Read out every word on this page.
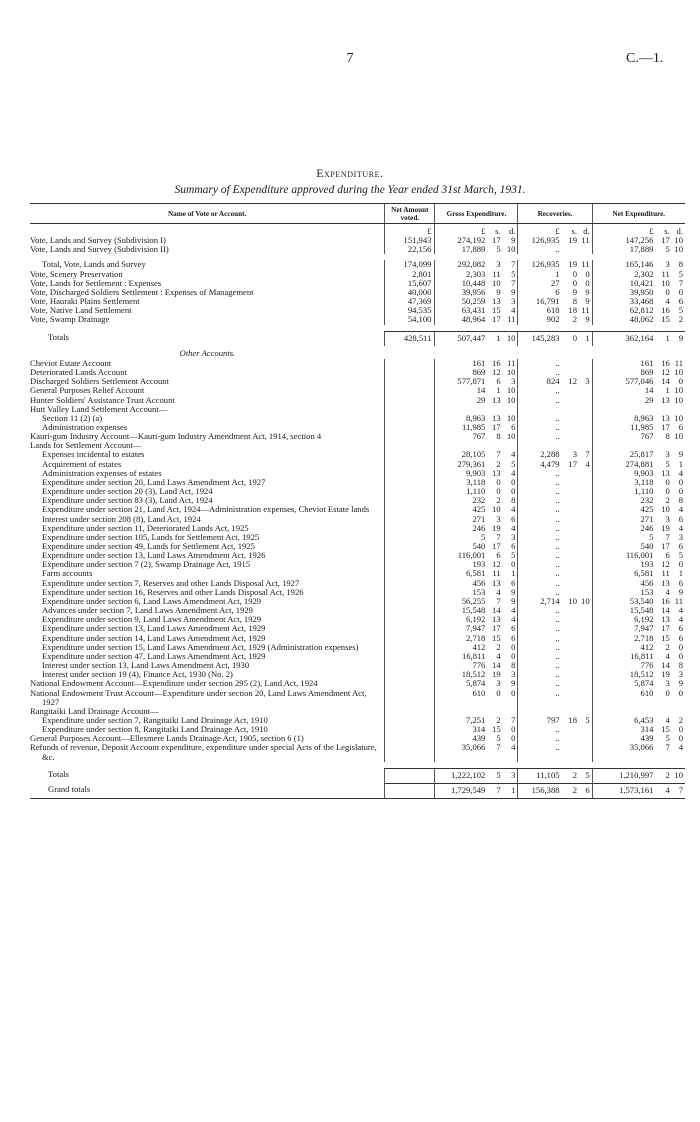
7	C.—1.
Expenditure.
Summary of Expenditure approved during the Year ended 31st March, 1931.
Name of Vote or Account.	Net Amount voted.	Gross Expenditure.			Recoveries.			Net Expenditure.		
	£	£	s.	d.	£	s.	d.	£	s.	d.
Vote, Lands and Survey (Subdivision I)	151,943	274,192	17	9	126,935	19	11	147,256	17	10
Vote, Lands and Survey (Subdivision II)	22,156	17,889	5	10	..			17,889	5	10

Total, Vote, Lands and Survey	174,099	292,082	3	7	126,935	19	11	165,146	3	8
Vote, Scenery Preservation	2,801	2,303	11	5	1	0	0	2,302	11	5
Vote, Lands for Settlement : Expenses	15,607	10,448	10	7	27	0	0	10,421	10	7
Vote, Discharged Soldiers Settlement : Expenses of Management	40,000	39,956	9	9	6	9	9	39,950	0	0
Vote, Hauraki Plains Settlement	47,369	50,259	13	3	16,791	8	9	33,468	4	6
Vote, Native Land Settlement	94,535	63,431	15	4	618	18	11	62,812	16	5
Vote, Swamp Drainage	54,100	48,964	17	11	902	2	9	48,062	15	2

Totals	428,511	507,447	1	10	145,283	0	1	362,164	1	9
Other Accounts.										
Cheviot Estate Account		161	16	11	..			161	16	11
Deteriorated Lands Account		869	12	10	..			869	12	10
Discharged Soldiers Settlement Account		577,871	6	3	824	12	3	577,046	14	0
General Purposes Relief Account		14	1	10	..			14	1	10
Hunter Soldiers' Assistance Trust Account		29	13	10	..			29	13	10
Hutt Valley Land Settlement Account—										
Section 11 (2) (a)		8,963	13	10	..			8,963	13	10
Administration expenses		11,985	17	6	..			11,985	17	6
Kauri-gum Industry Account—Kauri-gum Industry Amendment Act, 1914, section 4		767	8	10	..			767	8	10
Lands for Settlement Account—										
Expenses incidental to estates		28,105	7	4	2,288	3	7	25,817	3	9
Acquirement of estates		279,361	2	5	4,479	17	4	274,881	5	1
Administration expenses of estates		9,903	13	4	..			9,903	13	4
Expenditure under section 20, Land Laws Amendment Act, 1927		3,118	0	0	..			3,118	0	0
Expenditure under section 20 (3), Land Act, 1924		1,110	0	0	..			1,110	0	0
Expenditure under section 83 (3), Land Act, 1924		232	2	8	..			232	2	8
Expenditure under section 21, Land Act, 1924—Administration expenses, Cheviot Estate lands		425	10	4	..			425	10	4
Interest under section 208 (8), Land Act, 1924		271	3	6	..			271	3	6
Expenditure under section 11, Deteriorated Lands Act, 1925		246	19	4	..			246	19	4
Expenditure under section 105, Lands for Settlement Act, 1925		5	7	3	..			5	7	3
Expenditure under section 49, Lands for Settlement Act, 1925		540	17	6	..			540	17	6
Expenditure under section 13, Land Laws Amendment Act, 1926		116,001	6	5	..			116,001	6	5
Expenditure under section 7 (2), Swamp Drainage Act, 1915		193	12	0	..			193	12	0
Farm accounts		6,581	11	1	..			6,581	11	1
Expenditure under section 7, Reserves and other Lands Disposal Act, 1927		456	13	6	..			456	13	6
Expenditure under section 16, Reserves and other Lands Disposal Act, 1926		153	4	9	..			153	4	9
Expenditure under section 6, Land Laws Amendment Act, 1929		56,255	7	9	2,714	10	10	53,540	16	11
Advances under section 7, Land Laws Amendment Act, 1929		15,548	14	4	..			15,548	14	4
Expenditure under section 9, Land Laws Amendment Act, 1929		6,192	13	4	..			6,192	13	4
Expenditure under section 13, Land Laws Amendment Act, 1929		7,947	17	6	..			7,947	17	6
Expenditure under section 14, Land Laws Amendment Act, 1929		2,718	15	6	..			2,718	15	6
Expenditure under section 15, Land Laws Amendment Act, 1929 (Administration expenses)		412	2	0	..			412	2	0
Expenditure under section 47, Land Laws Amendment Act, 1929		16,811	4	0	..			16,811	4	0
Interest under section 13, Land Laws Amendment Act, 1930		776	14	8	..			776	14	8
Interest under section 19 (4), Finance Act, 1930 (No. 2)		18,512	19	3	..			18,512	19	3
National Endowment Account—Expenditure under section 295 (2), Land Act, 1924		5,874	3	9	..			5,874	3	9
National Endowment Trust Account—Expenditure under section 20, Land Laws Amendment Act, 1927		610	0	0	..			610	0	0
Rangitaiki Land Drainage Account—										
Expenditure under section 7, Rangitaiki Land Drainage Act, 1910		7,251	2	7	797	18	5	6,453	4	2
Expenditure under section 8, Rangitaiki Land Drainage Act, 1910		314	15	0	..			314	15	0
General Purposes Account—Ellesmere Lands Drainage Act, 1905, section 6 (1)		439	5	0	..			439	5	0
Refunds of revenue, Deposit Account expenditure, expenditure under special Acts of the Legislature, &c.		35,066	7	4	..			35,066	7	4

Totals		1,222,102	5	3	11,105	2	5	1,210,997	2	10
Grand totals		1,729,549	7	1	156,388	2	6	1,573,161	4	7
